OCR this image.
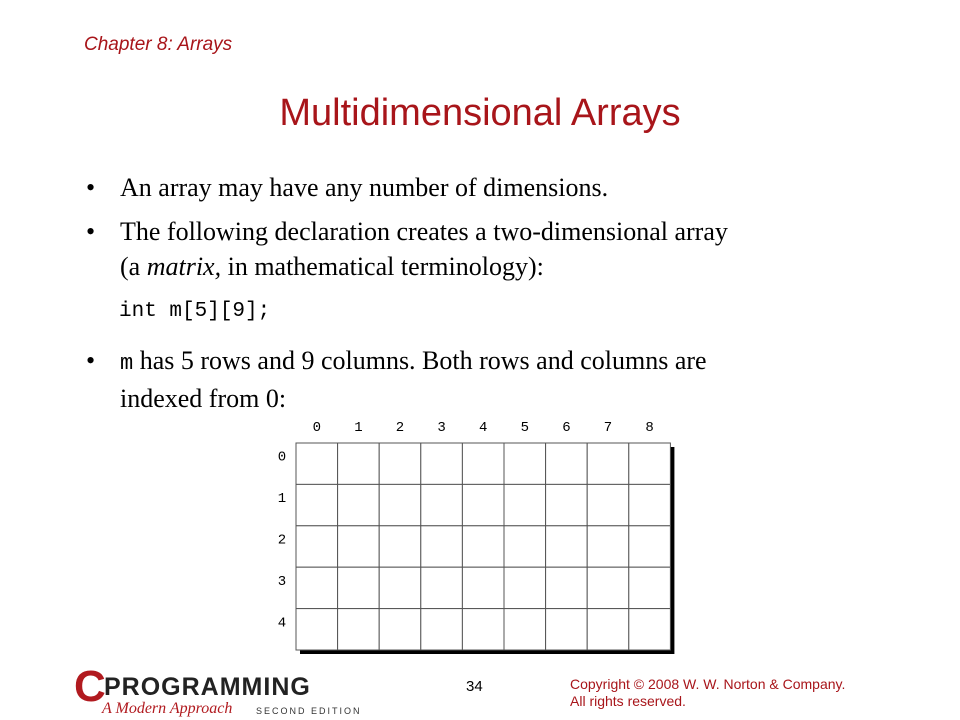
Chapter 8: Arrays
Multidimensional Arrays
• An array may have any number of dimensions.
• The following declaration creates a two-dimensional array
(a matrix, in mathematical terminology):
int m[5][9];
• m has 5 rows and 9 columns. Both rows and columns are
indexed from 0:
0 1 2 3 4 5 6 7 8
0
1
2
3
4
C
PROGRAMMING
A Modern Approach	SECOND EDITION
34	Copyright © 2008 W. W. Norton & Company.
All rights reserved.
